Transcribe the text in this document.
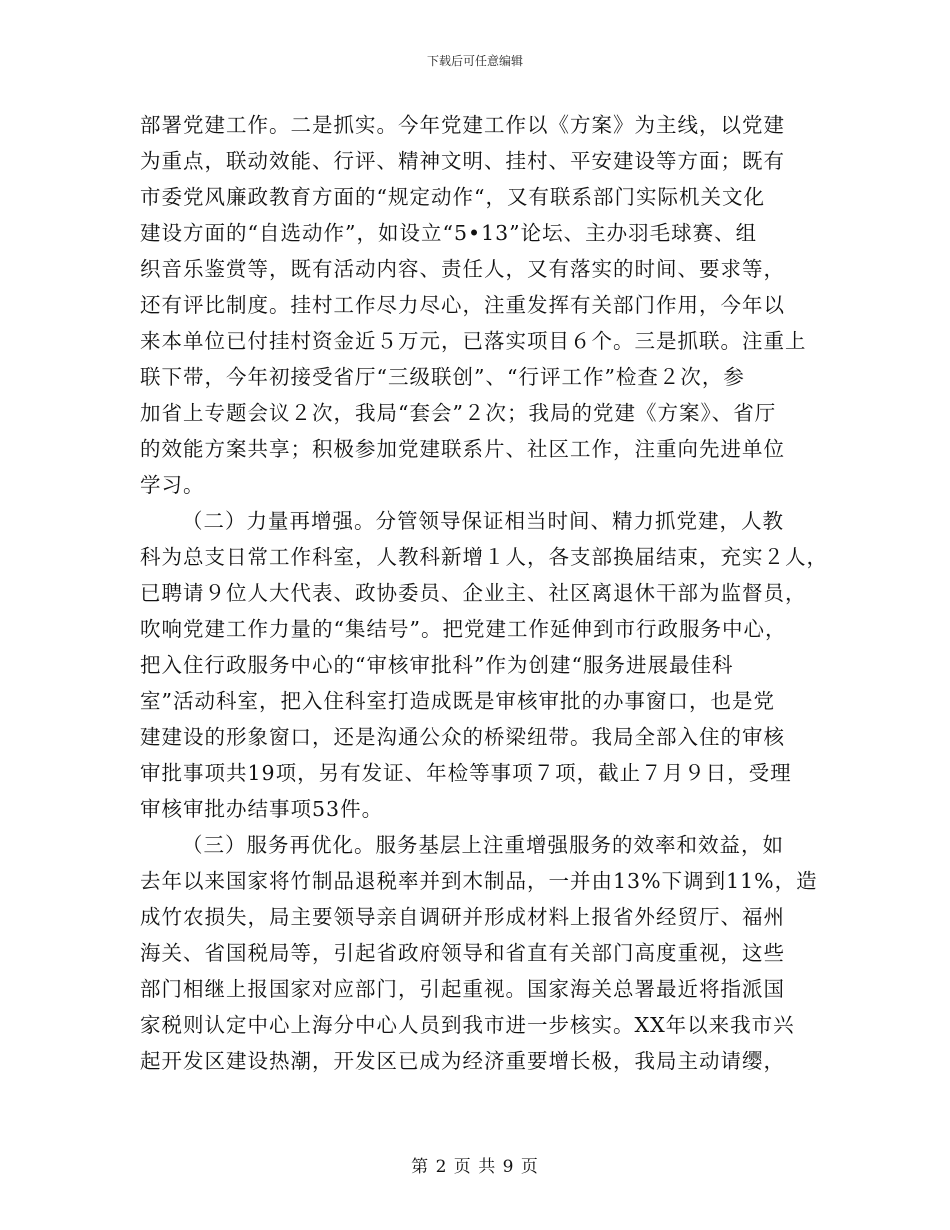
下载后可任意编辑
部署党建工作。二是抓实。今年党建工作以《方案》为主线，以党建
为重点，联动效能、行评、精神文明、挂村、平安建设等方面；既有
市委党风廉政教育方面的“规定动作“，又有联系部门实际机关文化
建设方面的“自选动作”，如设立“5•13”论坛、主办羽毛球赛、组
织音乐鉴赏等，既有活动内容、责任人，又有落实的时间、要求等，
还有评比制度。挂村工作尽力尽心，注重发挥有关部门作用，今年以
来本单位已付挂村资金近５万元，已落实项目６个。三是抓联。注重上
联下带，今年初接受省厅“三级联创”、“行评工作”检查２次，参
加省上专题会议２次，我局“套会”２次；我局的党建《方案》、省厅
的效能方案共享；积极参加党建联系片、社区工作，注重向先进单位
学习。
（二）力量再增强。分管领导保证相当时间、精力抓党建，人教
科为总支日常工作科室，人教科新增１人，各支部换届结束，充实２人，
已聘请９位人大代表、政协委员、企业主、社区离退休干部为监督员，
吹响党建工作力量的“集结号”。把党建工作延伸到市行政服务中心，
把入住行政服务中心的“审核审批科”作为创建“服务进展最佳科
室”活动科室，把入住科室打造成既是审核审批的办事窗口，也是党
建建设的形象窗口，还是沟通公众的桥梁纽带。我局全部入住的审核
审批事项共19项，另有发证、年检等事项７项，截止７月９日，受理
审核审批办结事项53件。
（三）服务再优化。服务基层上注重增强服务的效率和效益，如
去年以来国家将竹制品退税率并到木制品，一并由13%下调到11%，造
成竹农损失，局主要领导亲自调研并形成材料上报省外经贸厅、福州
海关、省国税局等，引起省政府领导和省直有关部门高度重视，这些
部门相继上报国家对应部门，引起重视。国家海关总署最近将指派国
家税则认定中心上海分中心人员到我市进一步核实。XX年以来我市兴
起开发区建设热潮，开发区已成为经济重要增长极，我局主动请缨，
第 2 页 共 9 页
